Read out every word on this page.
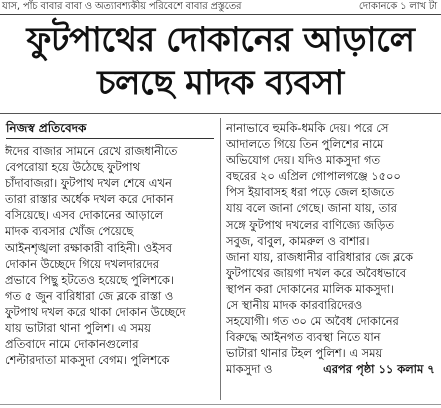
যাস, পাঁচ বাবার বাবা ও অত্যাবশ্যকীয় পরিবেশে বাবার প্রস্তুতের	দোকানকে ১ লাখ টা
ফুটপাথের দোকানের আড়ালে
চলছে মাদক ব্যবসা
নিজস্ব প্রতিবেদক
ঈদের বাজার সামনে রেখে রাজধানীতে
বেপরোয়া হয়ে উঠেছে ফুটপাথ
চাঁদাবাজরা। ফুটপাথ দখল শেষে এখন
তারা রাস্তার অর্ধেক দখল করে দোকান
বসিয়েছে। এসব দোকানের আড়ালে
মাদক ব্যবসার খোঁজ পেয়েছে
আইনশৃঙ্খলা রক্ষাকারী বাহিনী। ওইসব
দোকান উচ্ছেদে গিয়ে দখলদারদের
প্রভাবে পিছু হটতেও হয়েছে পুলিশকে।
গত ৫ জুন বারিধারা জে ব্লকে রাস্তা ও
ফুটপাথ দখল করে থাকা দোকান উচ্ছেদে
যায় ভাটারা থানা পুলিশ। এ সময়
প্রতিবাদে নামে দোকানগুলোর
শেল্টারদাতা মাকসুদা বেগম। পুলিশকে
নানাভাবে হুমকি-ধমকি দেয়। পরে সে
আদালতে গিয়ে তিন পুলিশের নামে
অভিযোগ দেয়। যদিও মাকসুদা গত
বছরের ২০ এপ্রিল গোপালগঞ্জে ১৫০০
পিস ইয়াবাসহ ধরা পড়ে জেল হাজতে
যায় বলে জানা গেছে। জানা যায়, তার
সঙ্গে ফুটপাথ দখলের বাণিজ্যে জড়িত
সবুজ, বাবুল, কামরুল ও বাশার।
জানা যায়, রাজধানীর বারিধারার জে ব্লকে
ফুটপাথের জায়গা দখল করে অবৈধভাবে
স্থাপন করা দোকানের মালিক মাকসুদা।
সে স্থানীয় মাদক কারবারিদেরও
সহযোগী। গত ৩০ মে অবৈধ দোকানের
বিরুদ্ধে আইনগত ব্যবস্থা নিতে যান
ভাটারা থানার টহল পুলিশ। এ সময়
মাকসুদা ও	এরপর পৃষ্ঠা ১১ কলাম ৭
